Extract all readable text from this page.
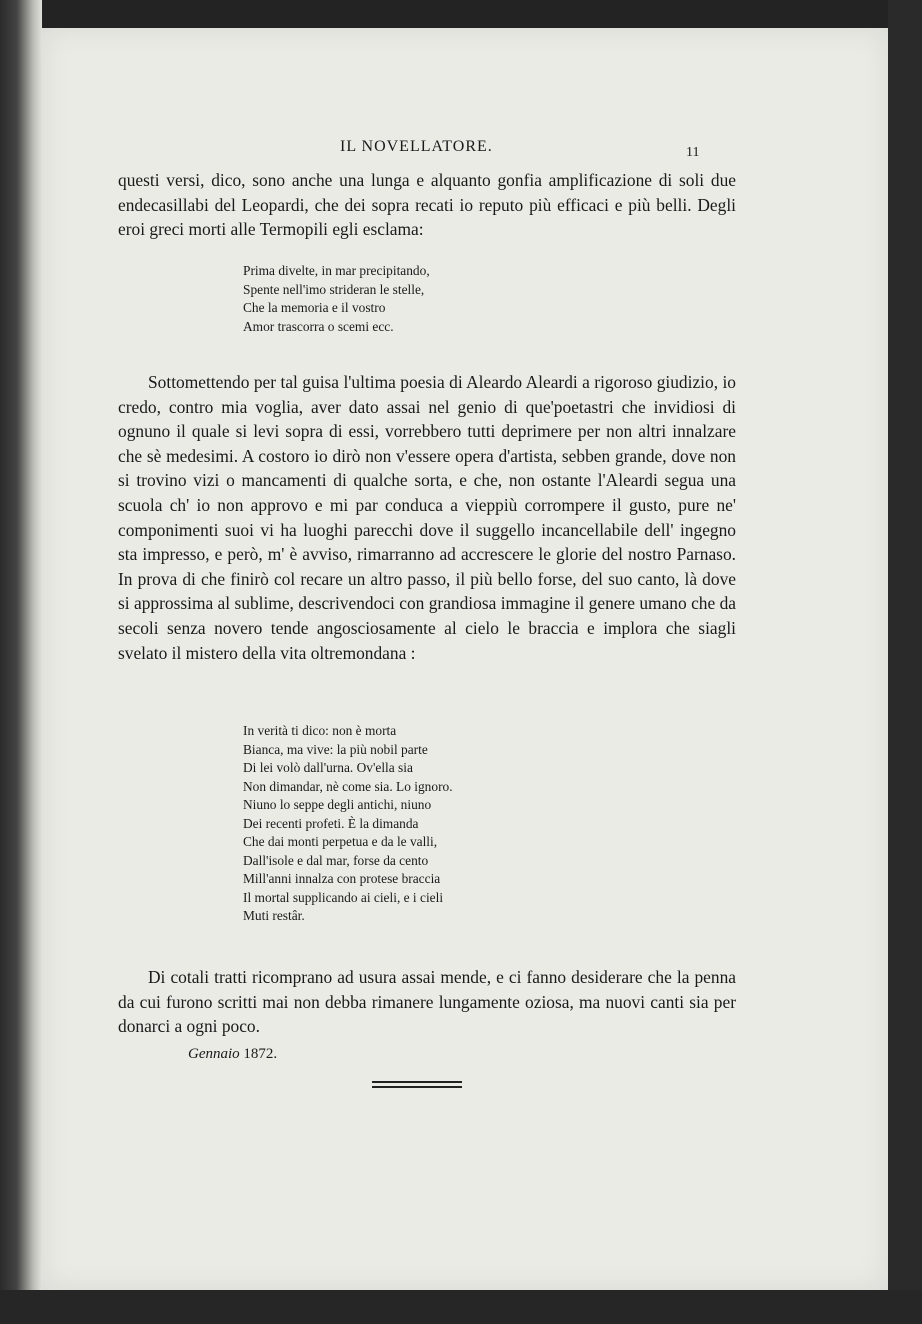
IL NOVELLATORE.	11

questi versi, dico, sono anche una lunga e alquanto gonfia amplificazione di soli due endecasillabi del Leopardi, che dei sopra recati io reputo più efficaci e più belli. Degli eroi greci morti alle Termopili egli esclama:

Prima divelte, in mar precipitando,
Spente nell'imo strideran le stelle,
Che la memoria e il vostro
Amor trascorra o scemi ecc.

Sottomettendo per tal guisa l'ultima poesia di Aleardo Aleardi a rigoroso giudizio, io credo, contro mia voglia, aver dato assai nel genio di que'poetastri che invidiosi di ognuno il quale si levi sopra di essi, vorrebbero tutti deprimere per non altri innalzare che sè medesimi. A costoro io dirò non v'essere opera d'artista, sebben grande, dove non si trovino vizi o mancamenti di qualche sorta, e che, non ostante l'Aleardi segua una scuola ch' io non approvo e mi par conduca a vieppiù corrompere il gusto, pure ne' componimenti suoi vi ha luoghi parecchi dove il suggello incancellabile dell' ingegno sta impresso, e però, m' è avviso, rimarranno ad accrescere le glorie del nostro Parnaso. In prova di che finirò col recare un altro passo, il più bello forse, del suo canto, là dove si approssima al sublime, descrivendoci con grandiosa immagine il genere umano che da secoli senza novero tende angosciosamente al cielo le braccia e implora che siagli svelato il mistero della vita oltremondana :

In verità ti dico: non è morta
Bianca, ma vive: la più nobil parte
Di lei volò dall'urna. Ov'ella sia
Non dimandar, nè come sia. Lo ignoro.
Niuno lo seppe degli antichi, niuno
Dei recenti profeti. È la dimanda
Che dai monti perpetua e da le valli,
Dall'isole e dal mar, forse da cento
Mill'anni innalza con protese braccia
Il mortal supplicando ai cieli, e i cieli
Muti restâr.

Di cotali tratti ricomprano ad usura assai mende, e ci fanno desiderare che la penna da cui furono scritti mai non debba rimanere lungamente oziosa, ma nuovi canti sia per donarci a ogni poco.

Gennaio 1872.
